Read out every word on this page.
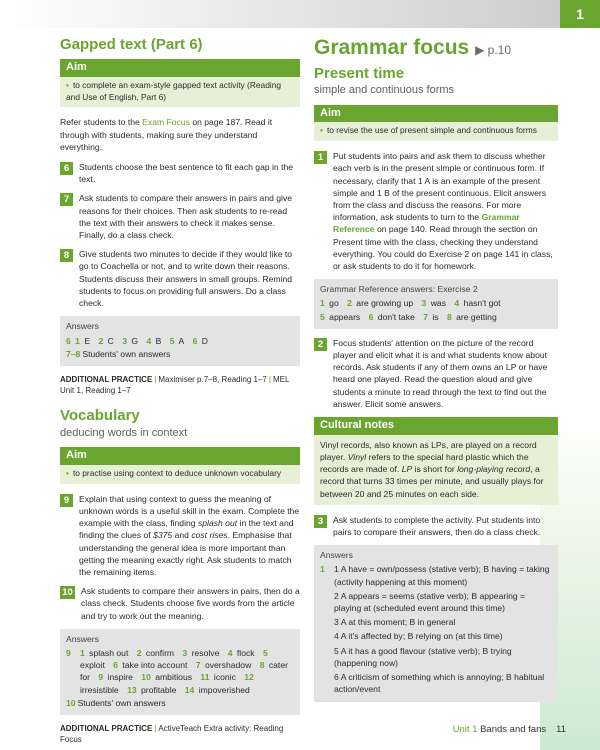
1
Gapped text (Part 6)
Aim
• to complete an exam-style gapped text activity (Reading and Use of English, Part 6)

Refer students to the Exam Focus on page 187. Read it through with students, making sure they understand everything.

6	Students choose the best sentence to fit each gap in the text.
7	Ask students to compare their answers in pairs and give reasons for their choices. Then ask students to re-read the text with their answers to check it makes sense. Finally, do a class check.
8	Give students two minutes to decide if they would like to go to Coachella or not, and to write down their reasons. Students discuss their answers in small groups. Remind students to focus on providing full answers. Do a class check.
Answers
6 1 E 2 C 3 G 4 B 5 A 6 D
7–8 Students' own answers
ADDITIONAL PRACTICE | Maximiser p.7–8, Reading 1–7 | MEL Unit 1, Reading 1–7
Vocabulary
deducing words in context
Aim
• to practise using context to deduce unknown vocabulary
9	Explain that using context to guess the meaning of unknown words is a useful skill in the exam. Complete the example with the class, finding splash out in the text and finding the clues of $375 and cost rises. Emphasise that understanding the general idea is more important than getting the meaning exactly right. Ask students to match the remaining items.
10 Ask students to compare their answers in pairs, then do a class check. Students choose five words from the article and try to work out the meaning.
Answers
9	1 splash out 2 confirm 3 resolve 4 flock 5 exploit 6 take into account 7 overshadow 8 cater for 9 inspire 10 ambitious 11 iconic 12 irresistible 13 profitable 14 impoverished
10 Students' own answers
ADDITIONAL PRACTICE | ActiveTeach Extra activity: Reading Focus
Grammar focus ▶ p.10
Present time
simple and continuous forms
Aim
• to revise the use of present simple and continuous forms
1	Put students into pairs and ask them to discuss whether each verb is in the present simple or continuous form. If necessary, clarify that 1 A is an example of the present simple and 1 B of the present continuous. Elicit answers from the class and discuss the reasons. For more information, ask students to turn to the Grammar Reference on page 140. Read through the section on Present time with the class, checking they understand everything. You could do Exercise 2 on page 141 in class, or ask students to do it for homework.
Grammar Reference answers: Exercise 2
1 go 2 are growing up 3 was 4 hasn't got
5 appears 6 don't take 7 is 8 are getting
2	Focus students' attention on the picture of the record player and elicit what it is and what students know about records. Ask students if any of them owns an LP or have heard one played. Read the question aloud and give students a minute to read through the text to find out the answer. Elicit some answers.
Cultural notes
Vinyl records, also known as LPs, are played on a record player. Vinyl refers to the special hard plastic which the records are made of. LP is short for long-playing record, a record that turns 33 times per minute, and usually plays for between 20 and 25 minutes on each side.
3	Ask students to complete the activity. Put students into pairs to compare their answers, then do a class check.
Answers
1	1 A have = own/possess (stative verb); B having = taking (activity happening at this moment)
2 A appears = seems (stative verb); B appearing = playing at (scheduled event around this time)
3 A at this moment; B in general
4 A it's affected by; B relying on (at this time)
5 A it has a good flavour (stative verb); B trying (happening now)
6 A criticism of something which is annoying; B habitual action/event
Unit 1 Bands and fans 11
